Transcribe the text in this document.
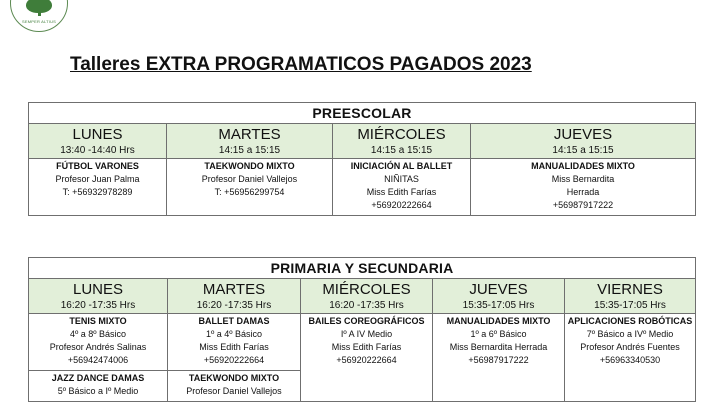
SEMPER ALTIUS
Talleres EXTRA PROGRAMATICOS PAGADOS 2023
PREESCOLAR
LUNES
13:40 -14:40 Hrs
FÚTBOL VARONES
Profesor Juan Palma
T: +56932978289
MARTES
14:15 a 15:15
TAEKWONDO MIXTO
Profesor Daniel Vallejos
T: +56956299754
MIÉRCOLES
14:15 a 15:15
INICIACIÓN AL BALLET
NIÑITAS
Miss Edith Farías
+56920222664
JUEVES
14:15 a 15:15
MANUALIDADES MIXTO
Miss Bernardita
Herrada
+56987917222
PRIMARIA Y SECUNDARIA
LUNES
16:20 -17:35 Hrs
TENIS MIXTO
4º a 8º Básico
Profesor Andrés Salinas
+56942474006
JAZZ DANCE DAMAS
5º Básico a Iº Medio
MARTES
16:20 -17:35 Hrs
BALLET DAMAS
1º a 4º Básico
Miss Edith Farías
+56920222664
TAEKWONDO MIXTO
Profesor Daniel Vallejos
MIÉRCOLES
16:20 -17:35 Hrs
BAILES COREOGRÁFICOS
Iº A IV Medio
Miss Edith Farías
+56920222664
JUEVES
15:35-17:05 Hrs
MANUALIDADES MIXTO
1º a 6º Básico
Miss Bernardita Herrada
+56987917222
VIERNES
15:35-17:05 Hrs
APLICACIONES ROBÓTICAS
7º Básico a IVº Medio
Profesor Andrés Fuentes
+56963340530
